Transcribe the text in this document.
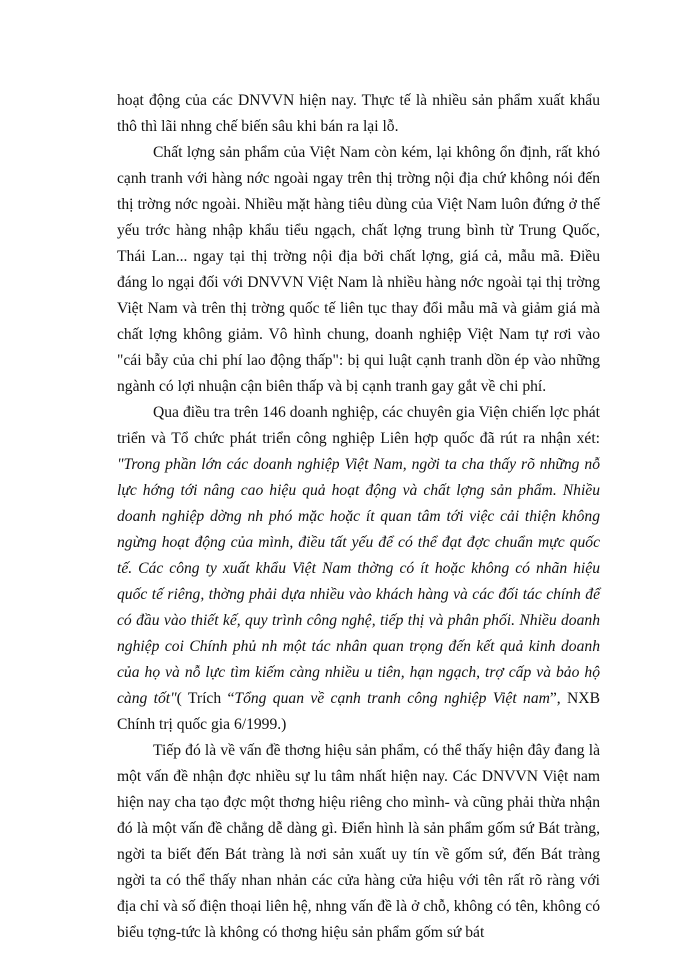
hoạt động của các DNVVN hiện nay. Thực tế là nhiều sản phẩm xuất khẩu thô thì lãi nhng chế biến sâu khi bán ra lại lỗ.

Chất lợng sản phẩm của Việt Nam còn kém, lại không ổn định, rất khó cạnh tranh với hàng nớc ngoài ngay trên thị trờng nội địa chứ không nói đến thị trờng nớc ngoài. Nhiều mặt hàng tiêu dùng của Việt Nam luôn đứng ở thế yếu trớc hàng nhập khẩu tiểu ngạch, chất lợng trung bình từ Trung Quốc, Thái Lan... ngay tại thị trờng nội địa bởi chất lợng, giá cả, mẫu mã. Điều đáng lo ngại đối với DNVVN Việt Nam là nhiều hàng nớc ngoài tại thị trờng Việt Nam và trên thị trờng quốc tế liên tục thay đổi mẫu mã và giảm giá mà chất lợng không giảm. Vô hình chung, doanh nghiệp Việt Nam tự rơi vào "cái bẫy của chi phí lao động thấp": bị qui luật cạnh tranh dồn ép vào những ngành có lợi nhuận cận biên thấp và bị cạnh tranh gay gắt về chi phí.

Qua điều tra trên 146 doanh nghiệp, các chuyên gia Viện chiến lợc phát triển và Tổ chức phát triển công nghiệp Liên hợp quốc đã rút ra nhận xét: "Trong phần lớn các doanh nghiệp Việt Nam, ngời ta cha thấy rõ những nỗ lực hớng tới nâng cao hiệu quả hoạt động và chất lợng sản phẩm. Nhiều doanh nghiệp dờng nh phó mặc hoặc ít quan tâm tới việc cải thiện không ngừng hoạt động của mình, điều tất yếu để có thể đạt đợc chuẩn mực quốc tế. Các công ty xuất khẩu Việt Nam thờng có ít hoặc không có nhãn hiệu quốc tế riêng, thờng phải dựa nhiều vào khách hàng và các đối tác chính để có đầu vào thiết kế, quy trình công nghệ, tiếp thị và phân phối. Nhiều doanh nghiệp coi Chính phủ nh một tác nhân quan trọng đến kết quả kinh doanh của họ và nỗ lực tìm kiếm càng nhiều u tiên, hạn ngạch, trợ cấp và bảo hộ càng tốt"( Trích “Tổng quan về cạnh tranh công nghiệp Việt nam”, NXB Chính trị quốc gia 6/1999.)

Tiếp đó là về vấn đề thơng hiệu sản phẩm, có thể thấy hiện đây đang là một vấn đề nhận đợc nhiều sự lu tâm nhất hiện nay. Các DNVVN Việt nam hiện nay cha tạo đợc một thơng hiệu riêng cho mình- và cũng phải thừa nhận đó là một vấn đề chẳng dễ dàng gì. Điển hình là sản phẩm gốm sứ Bát tràng, ngời ta biết đến Bát tràng là nơi sản xuất uy tín về gốm sứ, đến Bát tràng ngời ta có thể thấy nhan nhản các cửa hàng cửa hiệu với tên rất rõ ràng với địa chỉ và số điện thoại liên hệ, nhng vấn đề là ở chỗ, không có tên, không có biểu tợng-tức là không có thơng hiệu sản phẩm gốm sứ bát
